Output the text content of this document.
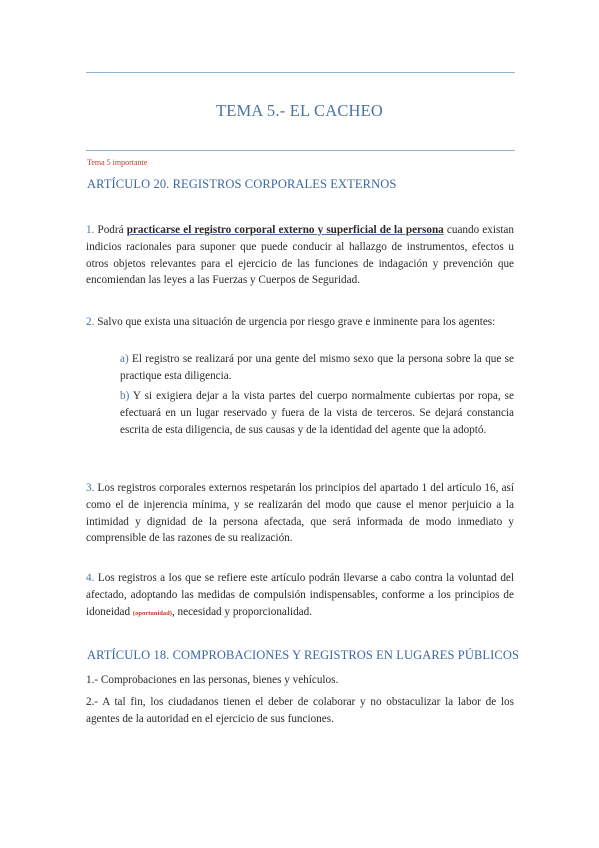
TEMA 5.- EL CACHEO
Tema 5 importante
ARTÍCULO 20. REGISTROS CORPORALES EXTERNOS
1. Podrá practicarse el registro corporal externo y superficial de la persona cuando existan indicios racionales para suponer que puede conducir al hallazgo de instrumentos, efectos u otros objetos relevantes para el ejercicio de las funciones de indagación y prevención que encomiendan las leyes a las Fuerzas y Cuerpos de Seguridad.
2. Salvo que exista una situación de urgencia por riesgo grave e inminente para los agentes:
a) El registro se realizará por una gente del mismo sexo que la persona sobre la que se practique esta diligencia.
b) Y si exigiera dejar a la vista partes del cuerpo normalmente cubiertas por ropa, se efectuará en un lugar reservado y fuera de la vista de terceros. Se dejará constancia escrita de esta diligencia, de sus causas y de la identidad del agente que la adoptó.
3. Los registros corporales externos respetarán los principios del apartado 1 del artículo 16, así como el de injerencia mínima, y se realizarán del modo que cause el menor perjuicio a la intimidad y dignidad de la persona afectada, que será informada de modo inmediato y comprensible de las razones de su realización.
4. Los registros a los que se refiere este artículo podrán llevarse a cabo contra la voluntad del afectado, adoptando las medidas de compulsión indispensables, conforme a los principios de idoneidad (oportunidad), necesidad y proporcionalidad.
ARTÍCULO 18. COMPROBACIONES Y REGISTROS EN LUGARES PÚBLICOS
1.- Comprobaciones en las personas, bienes y vehículos.
2.- A tal fin, los ciudadanos tienen el deber de colaborar y no obstaculizar la labor de los agentes de la autoridad en el ejercicio de sus funciones.
